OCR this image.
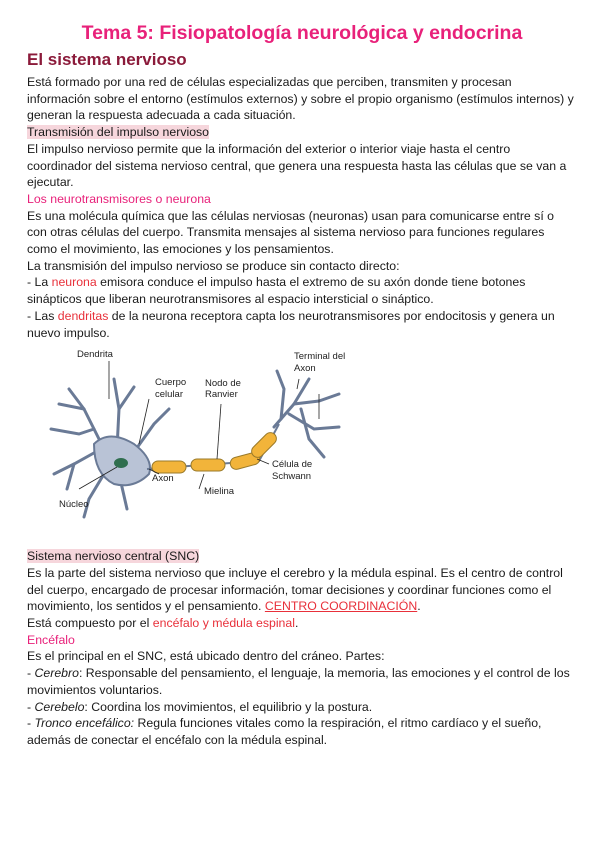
Tema 5: Fisiopatología neurológica y endocrina
El sistema nervioso

Está formado por una red de células especializadas que perciben, transmiten y procesan información sobre el entorno (estímulos externos) y sobre el propio organismo (estímulos internos) y generan la respuesta adecuada a cada situación.

Transmisión del impulso nervioso

El impulso nervioso permite que la información del exterior o interior viaje hasta el centro coordinador del sistema nervioso central, que genera una respuesta hasta las células que se van a ejecutar.

Los neurotransmisores o neurona

Es una molécula química que las células nerviosas (neuronas) usan para comunicarse entre sí o con otras células del cuerpo. Transmita mensajes al sistema nervioso para funciones regulares como el movimiento, las emociones y los pensamientos.

La transmisión del impulso nervioso se produce sin contacto directo:

- La neurona emisora conduce el impulso hasta el extremo de su axón donde tiene botones sinápticos que liberan neurotransmisores al espacio intersticial o sináptico.

- Las dendritas de la neurona receptora capta los neurotransmisores por endocitosis y genera un nuevo impulso.

Dendrita
Cuerpo
celular
Nodo de
Ranvier
Terminal del
Axon
Axon
Mielina
Célula de
Schwann
Núcleo

Sistema nervioso central (SNC)

Es la parte del sistema nervioso que incluye el cerebro y la médula espinal. Es el centro de control del cuerpo, encargado de procesar información, tomar decisiones y coordinar funciones como el movimiento, los sentidos y el pensamiento. CENTRO COORDINACIÓN.

Está compuesto por el encéfalo y médula espinal.

Encéfalo

Es el principal en el SNC, está ubicado dentro del cráneo. Partes:

- Cerebro: Responsable del pensamiento, el lenguaje, la memoria, las emociones y el control de los movimientos voluntarios.

- Cerebelo: Coordina los movimientos, el equilibrio y la postura.

- Tronco encefálico: Regula funciones vitales como la respiración, el ritmo cardíaco y el sueño, además de conectar el encéfalo con la médula espinal.
